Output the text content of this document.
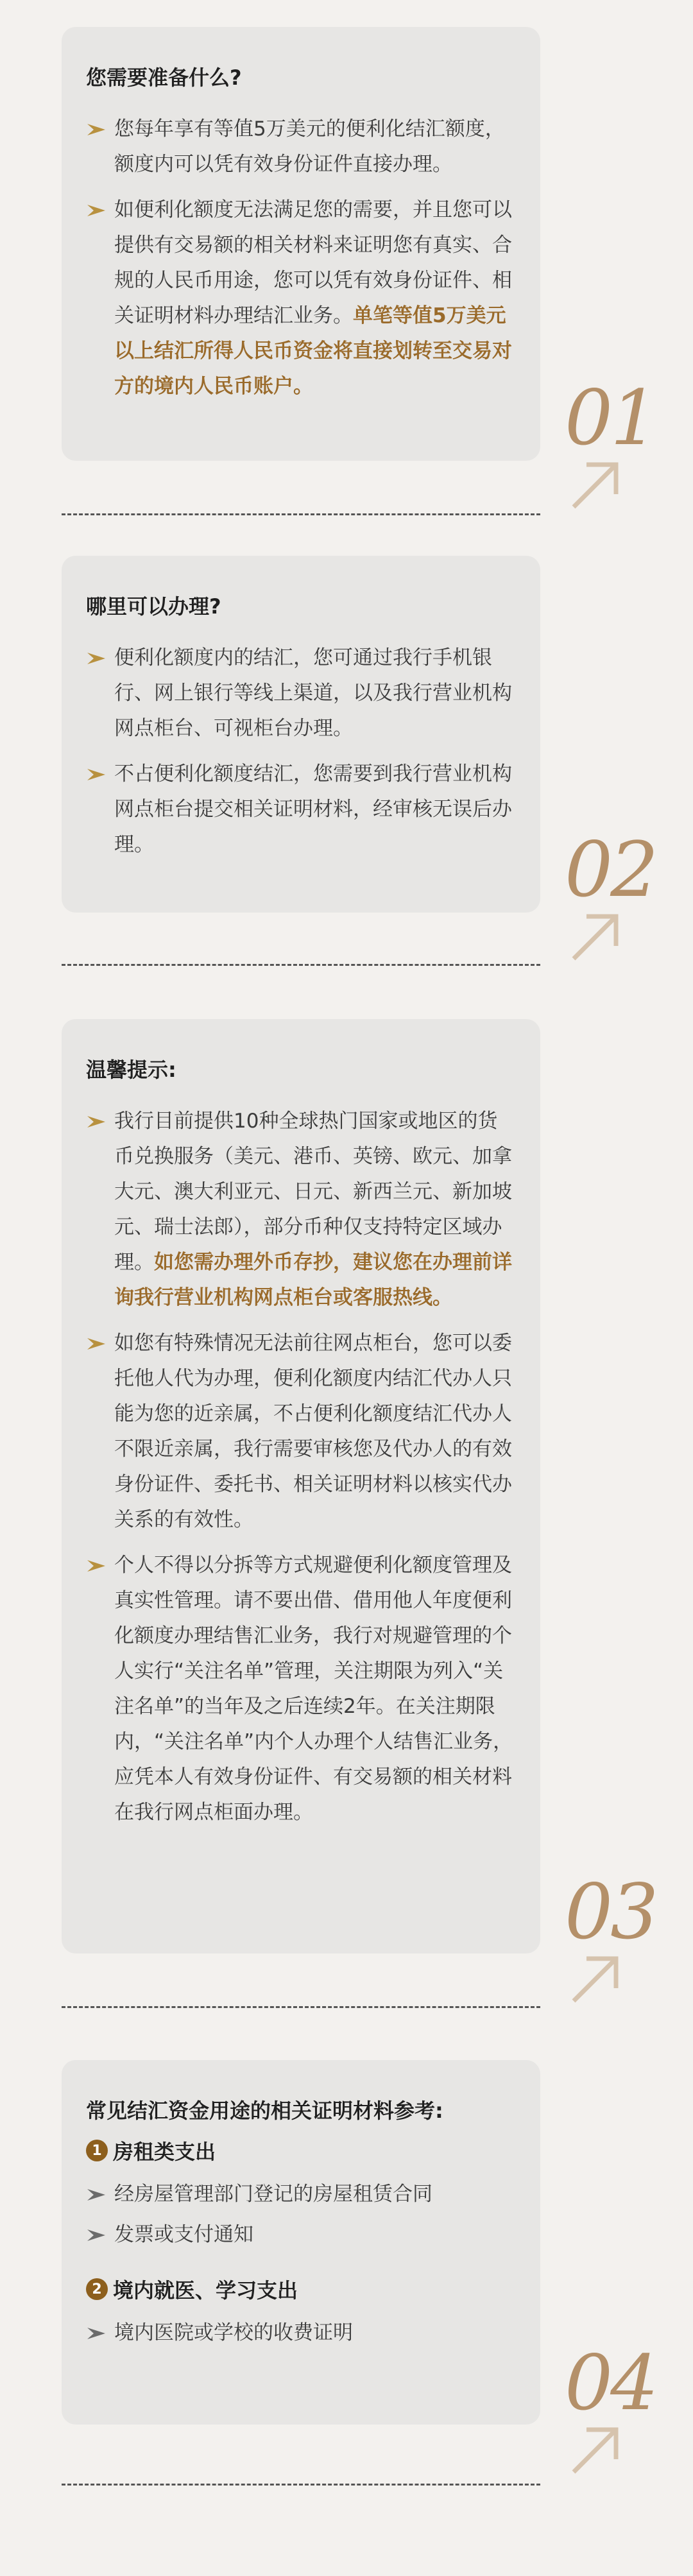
您需要准备什么?
您每年享有等值5万美元的便利化结汇额度，额度内可以凭有效身份证件直接办理。
如便利化额度无法满足您的需要，并且您可以提供有交易额的相关材料来证明您有真实、合规的人民币用途，您可以凭有效身份证件、相关证明材料办理结汇业务。单笔等值5万美元以上结汇所得人民币资金将直接划转至交易对方的境内人民币账户。	01
哪里可以办理?
便利化额度内的结汇，您可通过我行手机银行、网上银行等线上渠道，以及我行营业机构网点柜台、可视柜台办理。
不占便利化额度结汇，您需要到我行营业机构网点柜台提交相关证明材料，经审核无误后办理。	02
温馨提示:
我行目前提供10种全球热门国家或地区的货币兑换服务（美元、港币、英镑、欧元、加拿大元、澳大利亚元、日元、新西兰元、新加坡元、瑞士法郎），部分币种仅支持特定区域办理。如您需办理外币存抄，建议您在办理前详询我行营业机构网点柜台或客服热线。
如您有特殊情况无法前往网点柜台，您可以委托他人代为办理，便利化额度内结汇代办人只能为您的近亲属，不占便利化额度结汇代办人不限近亲属，我行需要审核您及代办人的有效身份证件、委托书、相关证明材料以核实代办关系的有效性。
个人不得以分拆等方式规避便利化额度管理及真实性管理。请不要出借、借用他人年度便利化额度办理结售汇业务，我行对规避管理的个人实行“关注名单”管理，关注期限为列入“关注名单”的当年及之后连续2年。在关注期限内，“关注名单”内个人办理个人结售汇业务，应凭本人有效身份证件、有交易额的相关材料在我行网点柜面办理。
03
常见结汇资金用途的相关证明材料参考:
1 房租类支出
经房屋管理部门登记的房屋租赁合同
发票或支付通知
2 境内就医、学习支出
境内医院或学校的收费证明
04
